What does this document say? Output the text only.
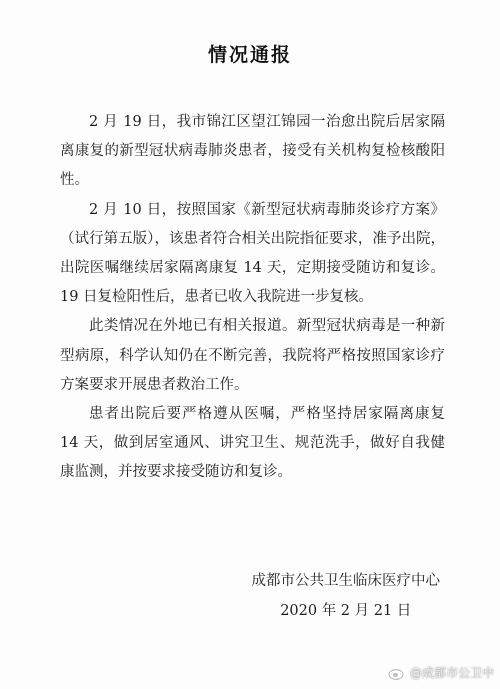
情况通报

2 月 19 日，我市锦江区望江锦园一治愈出院后居家隔离康复的新型冠状病毒肺炎患者，接受有关机构复检核酸阳性。

2 月 10 日，按照国家《新型冠状病毒肺炎诊疗方案》（试行第五版），该患者符合相关出院指征要求，准予出院，出院医嘱继续居家隔离康复 14 天，定期接受随访和复诊。19 日复检阳性后，患者已收入我院进一步复核。

此类情况在外地已有相关报道。新型冠状病毒是一种新型病原，科学认知仍在不断完善，我院将严格按照国家诊疗方案要求开展患者救治工作。

患者出院后要严格遵从医嘱，严格坚持居家隔离康复 14 天，做到居室通风、讲究卫生、规范洗手，做好自我健康监测，并按要求接受随访和复诊。

成都市公共卫生临床医疗中心
2020 年 2 月 21 日
@成都市公卫中
